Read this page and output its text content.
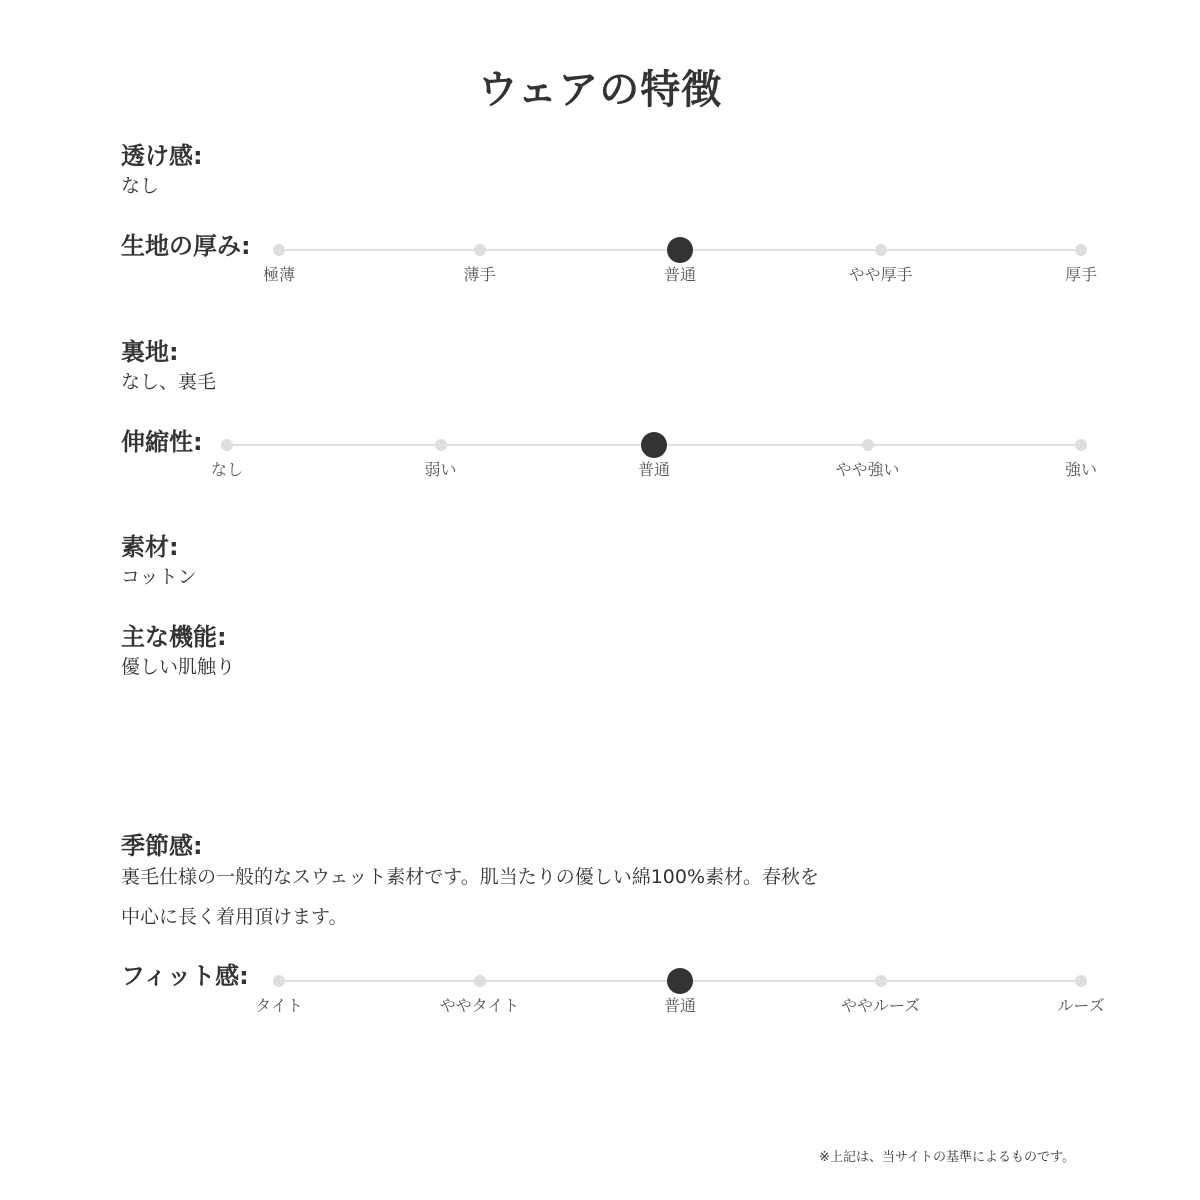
ウェアの特徴
透け感:
なし
生地の厚み:
裏地:
なし、裏毛
伸縮性:
素材:
コットン
主な機能:
優しい肌触り
季節感:
裏毛仕様の一般的なスウェット素材です。肌当たりの優しい綿100%素材。春秋を
中心に長く着用頂けます。
フィット感:
※上記は、当サイトの基準によるものです。
極薄	薄手	普通	やや厚手	厚手
なし	弱い	普通	やや強い	強い
タイト	ややタイト	普通	ややルーズ	ルーズ
